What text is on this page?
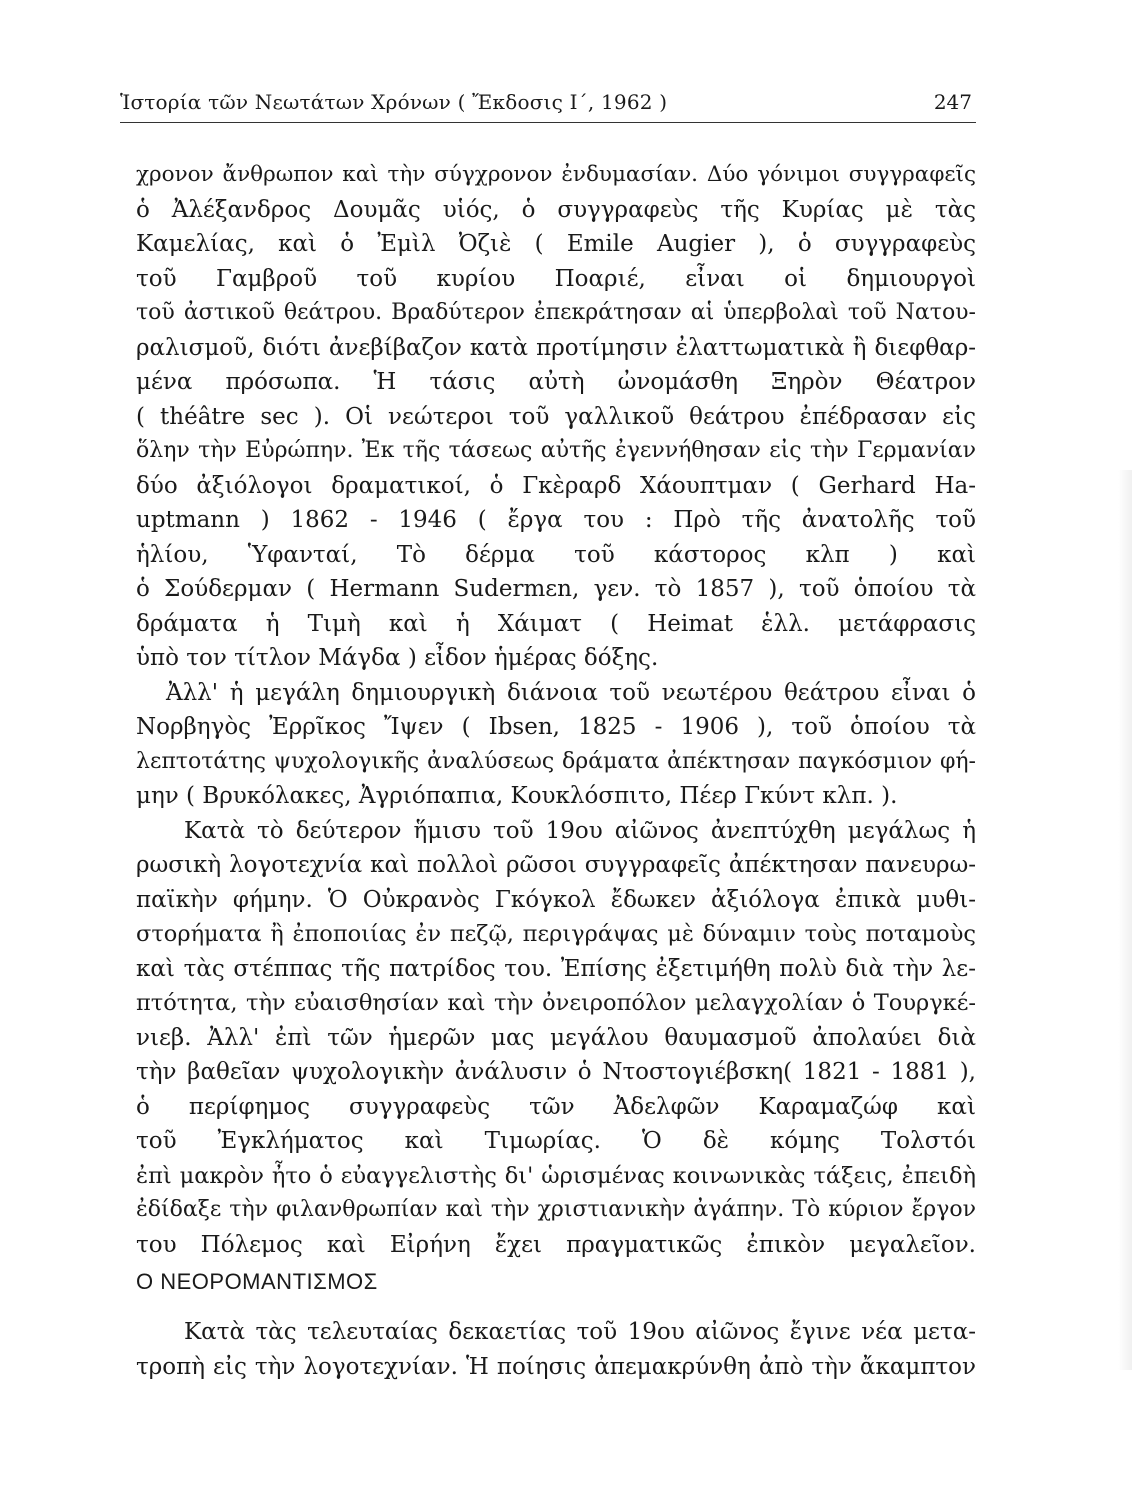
Ἱστορία τῶν Νεωτάτων Χρόνων ( Ἔκδοσις Ι΄, 1962 )	247
χρονον ἄνθρωπον καὶ τὴν σύγχρονον ἐνδυμασίαν. Δύο γόνιμοι συγγραφεῖς
ὁ Ἀλέξανδρος Δουμᾶς υἱός, ὁ συγγραφεὺς τῆς Κυρίας μὲ τὰς
Καμελίας, καὶ ὁ Ἐμὶλ Ὀζιὲ ( Emile Augier ), ὁ συγγραφεὺς
τοῦ Γαμβροῦ τοῦ κυρίου Ποαριέ, εἶναι οἱ δημιουργοὶ
τοῦ ἀστικοῦ θεάτρου. Βραδύτερον ἐπεκράτησαν αἱ ὑπερβολαὶ τοῦ Νατου-
ραλισμοῦ, διότι ἀνεβίβαζον κατὰ προτίμησιν ἐλαττωματικὰ ἢ διεφθαρ-
μένα πρόσωπα. Ἡ τάσις αὐτὴ ὠνομάσθη Ξηρὸν Θέατρον
( théâtre sec ). Οἱ νεώτεροι τοῦ γαλλικοῦ θεάτρου ἐπέδρασαν εἰς
ὅλην τὴν Εὐρώπην. Ἐκ τῆς τάσεως αὐτῆς ἐγεννήθησαν εἰς τὴν Γερμανίαν
δύο ἀξιόλογοι δραματικοί, ὁ Γκὲραρδ Χάουπτμαν ( Gerhard Ha-
uptmann ) 1862 - 1946 ( ἔργα του : Πρὸ τῆς ἀνατολῆς τοῦ
ἡλίου, Ὑφανταί, Τὸ δέρμα τοῦ κάστορος κλπ ) καὶ
ὁ Σούδερμαν ( Hermann Sudermεn, γεν. τὸ 1857 ), τοῦ ὁποίου τὰ
δράματα ἡ Τιμὴ καὶ ἡ Χάιματ ( Heimat ἑλλ. μετάφρασις
ὑπὸ τον τίτλον Μάγδα ) εἶδον ἡμέρας δόξης.
Ἀλλ' ἡ μεγάλη δημιουργικὴ διάνοια τοῦ νεωτέρου θεάτρου εἶναι ὁ
Νορβηγὸς Ἐρρῖκος Ἴψεν ( Ibsen, 1825 - 1906 ), τοῦ ὁποίου τὰ
λεπτοτάτης ψυχολογικῆς ἀναλύσεως δράματα ἀπέκτησαν παγκόσμιον φή-
μην ( Βρυκόλακες, Ἀγριόπαπια, Κουκλόσπιτο, Πέερ Γκύντ κλπ. ).
Κατὰ τὸ δεύτερον ἥμισυ τοῦ 19ου αἰῶνος ἀνεπτύχθη μεγάλως ἡ
ρωσικὴ λογοτεχνία καὶ πολλοὶ ρῶσοι συγγραφεῖς ἀπέκτησαν πανευρω-
παϊκὴν φήμην. Ὁ Οὐκρανὸς Γκόγκολ ἔδωκεν ἀξιόλογα ἐπικὰ μυθι-
στορήματα ἢ ἐποποιίας ἐν πεζῷ, περιγράψας μὲ δύναμιν τοὺς ποταμοὺς
καὶ τὰς στέππας τῆς πατρίδος του. Ἐπίσης ἐξετιμήθη πολὺ διὰ τὴν λε-
πτότητα, τὴν εὐαισθησίαν καὶ τὴν ὀνειροπόλον μελαγχολίαν ὁ Τουργκέ-
νιεβ. Ἀλλ' ἐπὶ τῶν ἡμερῶν μας μεγάλου θαυμασμοῦ ἀπολαύει διὰ
τὴν βαθεῖαν ψυχολογικὴν ἀνάλυσιν ὁ Ντοστογιέβσκη( 1821 - 1881 ),
ὁ περίφημος συγγραφεὺς τῶν Ἀδελφῶν Καραμαζώφ καὶ
τοῦ Ἐγκλήματος καὶ Τιμωρίας. Ὁ δὲ κόμης Τολστόι
ἐπὶ μακρὸν ἦτο ὁ εὐαγγελιστὴς δι' ὡρισμένας κοινωνικὰς τάξεις, ἐπειδὴ
ἐδίδαξε τὴν φιλανθρωπίαν καὶ τὴν χριστιανικὴν ἀγάπην. Τὸ κύριον ἔργον
του Πόλεμος καὶ Εἰρήνη ἔχει πραγματικῶς ἐπικὸν μεγαλεῖον.
Ο ΝΕΟΡΟΜΑΝΤΙΣΜΟΣ
Κατὰ τὰς τελευταίας δεκαετίας τοῦ 19ου αἰῶνος ἔγινε νέα μετα-
τροπὴ εἰς τὴν λογοτεχνίαν. Ἡ ποίησις ἀπεμακρύνθη ἀπὸ τὴν ἄκαμπτον
